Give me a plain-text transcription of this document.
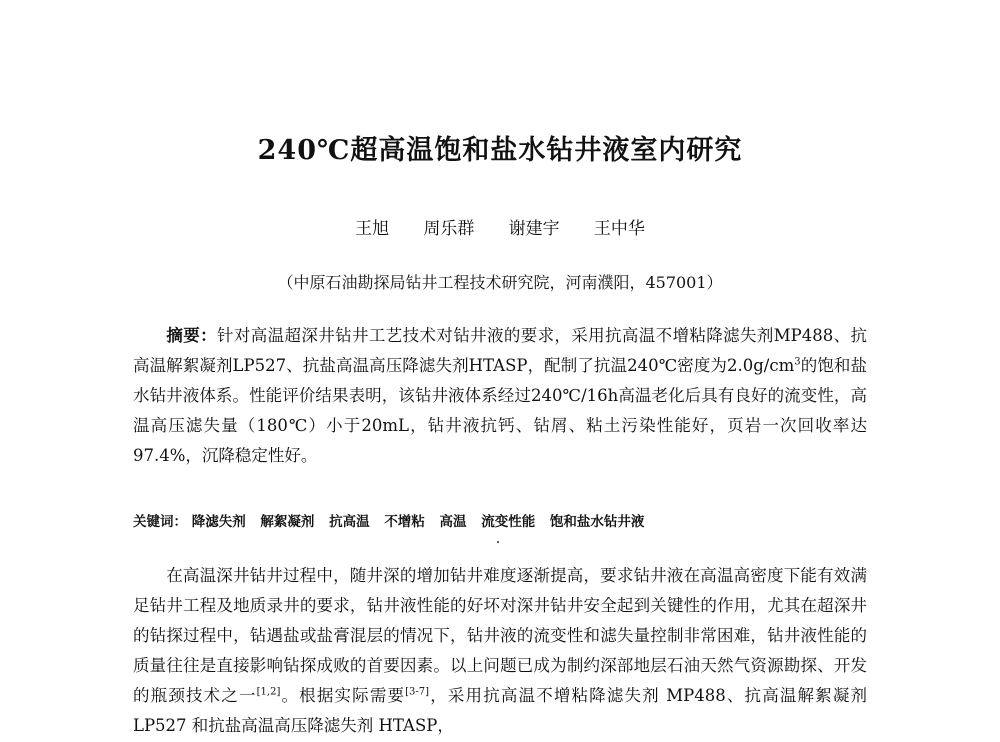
240℃超高温饱和盐水钻井液室内研究
王旭 周乐群 谢建宇 王中华
（中原石油勘探局钻井工程技术研究院，河南濮阳，457001）
摘要：针对高温超深井钻井工艺技术对钻井液的要求，采用抗高温不增粘降滤失剂MP488、抗高温解絮凝剂LP527、抗盐高温高压降滤失剂HTASP，配制了抗温240℃密度为$2.0g/cm^3$的饱和盐水钻井液体系。性能评价结果表明，该钻井液体系经过240℃/16h高温老化后具有良好的流变性，高温高压滤失量（180℃）小于20mL，钻井液抗钙、钻屑、粘土污染性能好，页岩一次回收率达97.4%，沉降稳定性好。
关键词： 降滤失剂 解絮凝剂 抗高温 不增粘 高温 流变性能 饱和盐水钻井液
在高温深井钻井过程中，随井深的增加钻井难度逐渐提高，要求钻井液在高温高密度下能有效满足钻井工程及地质录井的要求，钻井液性能的好坏对深井钻井安全起到关键性的作用，尤其在超深井的钻探过程中，钻遇盐或盐膏混层的情况下，钻井液的流变性和滤失量控制非常困难，钻井液性能的质量往往是直接影响钻探成败的首要因素。以上问题已成为制约深部地层石油天然气资源勘探、开发的瓶颈技术之一[1,2]。根据实际需要[3-7]，采用抗高温不增粘降滤失剂 MP488、抗高温解絮凝剂 LP527 和抗盐高温高压降滤失剂 HTASP，
